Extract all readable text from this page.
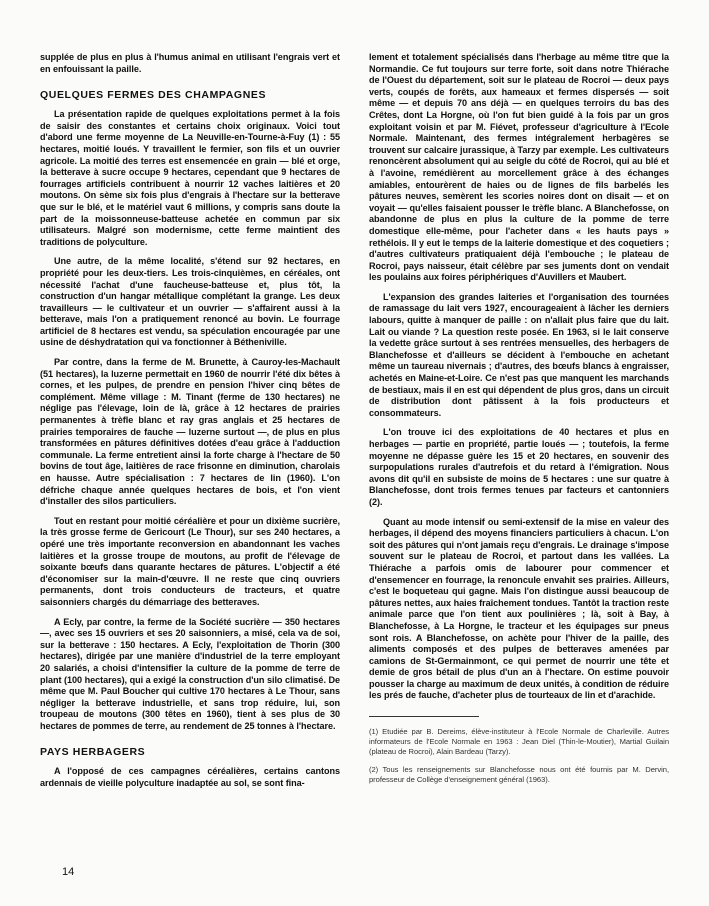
supplée de plus en plus à l'humus animal en utilisant l'engrais vert et en enfouissant la paille.

QUELQUES FERMES DES CHAMPAGNES

La présentation rapide de quelques exploitations permet à la fois de saisir des constantes et certains choix originaux. Voici tout d'abord une ferme moyenne de La Neuville-en-Tourne-à-Fuy (1) : 55 hectares, moitié loués. Y travaillent le fermier, son fils et un ouvrier agricole. La moitié des terres est ensemencée en grain — blé et orge, la betterave à sucre occupe 9 hectares, cependant que 9 hectares de fourrages artificiels contribuent à nourrir 12 vaches laitières et 20 moutons. On sème six fois plus d'engrais à l'hectare sur la betterave que sur le blé, et le matériel vaut 6 millions, y compris sans doute la part de la moissonneuse-batteuse achetée en commun par six utilisateurs. Malgré son modernisme, cette ferme maintient des traditions de polyculture.

Une autre, de la même localité, s'étend sur 92 hectares, en propriété pour les deux-tiers. Les trois-cinquièmes, en céréales, ont nécessité l'achat d'une faucheuse-batteuse et, plus tôt, la construction d'un hangar métallique complétant la grange. Les deux travailleurs — le cultivateur et un ouvrier — s'affairent aussi à la betterave, mais l'on a pratiquement renoncé au bovin. Le fourrage artificiel de 8 hectares est vendu, sa spéculation encouragée par une usine de déshydratation qui va fonctionner à Bétheniville.

Par contre, dans la ferme de M. Brunette, à Cauroy-les-Machault (51 hectares), la luzerne permettait en 1960 de nourrir l'été dix bêtes à cornes, et les pulpes, de prendre en pension l'hiver cinq bêtes de complément. Même village : M. Tinant (ferme de 130 hectares) ne néglige pas l'élevage, loin de là, grâce à 12 hectares de prairies permanentes à trèfle blanc et ray gras anglais et 25 hectares de prairies temporaires de fauche — luzerne surtout —, de plus en plus transformées en pâtures définitives dotées d'eau grâce à l'adduction communale. La ferme entretient ainsi la forte charge à l'hectare de 50 bovins de tout âge, laitières de race frisonne en diminution, charolais en hausse. Autre spécialisation : 7 hectares de lin (1960). L'on défriche chaque année quelques hectares de bois, et l'on vient d'installer des silos particuliers.

Tout en restant pour moitié céréalière et pour un dixième sucrière, la très grosse ferme de Gericourt (Le Thour), sur ses 240 hectares, a opéré une très importante reconversion en abandonnant les vaches laitières et la grosse troupe de moutons, au profit de l'élevage de soixante bœufs dans quarante hectares de pâtures. L'objectif a été d'économiser sur la main-d'œuvre. Il ne reste que cinq ouvriers permanents, dont trois conducteurs de tracteurs, et quatre saisonniers chargés du démarriage des betteraves.

A Ecly, par contre, la ferme de la Société sucrière — 350 hectares —, avec ses 15 ouvriers et ses 20 saisonniers, a misé, cela va de soi, sur la betterave : 150 hectares. A Ecly, l'exploitation de Thorin (300 hectares), dirigée par une manière d'industriel de la terre employant 20 salariés, a choisi d'intensifier la culture de la pomme de terre de plant (100 hectares), qui a exigé la construction d'un silo climatisé. De même que M. Paul Boucher qui cultive 170 hectares à Le Thour, sans négliger la betterave industrielle, et sans trop réduire, lui, son troupeau de moutons (300 têtes en 1960), tient à ses plus de 30 hectares de pommes de terre, au rendement de 25 tonnes à l'hectare.

PAYS HERBAGERS

A l'opposé de ces campagnes céréalières, certains cantons ardennais de vieille polyculture inadaptée au sol, se sont fina-

lement et totalement spécialisés dans l'herbage au même titre que la Normandie. Ce fut toujours sur terre forte, soit dans notre Thiérache de l'Ouest du département, soit sur le plateau de Rocroi — deux pays verts, coupés de forêts, aux hameaux et fermes dispersés — soit même — et depuis 70 ans déjà — en quelques terroirs du bas des Crêtes, dont La Horgne, où l'on fut bien guidé à la fois par un gros exploitant voisin et par M. Fiévet, professeur d'agriculture à l'Ecole Normale. Maintenant, des fermes intégralement herbagères se trouvent sur calcaire jurassique, à Tarzy par exemple. Les cultivateurs renoncèrent absolument qui au seigle du côté de Rocroi, qui au blé et à l'avoine, remédièrent au morcellement grâce à des échanges amiables, entourèrent de haies ou de lignes de fils barbelés les pâtures neuves, semèrent les scories noires dont on disait — et on voyait — qu'elles faisaient pousser le trèfle blanc. A Blanchefosse, on abandonne de plus en plus la culture de la pomme de terre domestique elle-même, pour l'acheter dans « les hauts pays » rethélois. Il y eut le temps de la laiterie domestique et des coquetiers ; d'autres cultivateurs pratiquaient déjà l'embouche ; le plateau de Rocroi, pays naisseur, était célèbre par ses juments dont on vendait les poulains aux foires périphériques d'Auvillers et Maubert.

L'expansion des grandes laiteries et l'organisation des tournées de ramassage du lait vers 1927, encourageaient à lâcher les derniers labours, quitte à manquer de paille : on n'allait plus faire que du lait. Lait ou viande ? La question reste posée. En 1963, si le lait conserve la vedette grâce surtout à ses rentrées mensuelles, des herbagers de Blanchefosse et d'ailleurs se décident à l'embouche en achetant même un taureau nivernais ; d'autres, des bœufs blancs à engraisser, achetés en Maine-et-Loire. Ce n'est pas que manquent les marchands de bestiaux, mais il en est qui dépendent de plus gros, dans un circuit de distribution dont pâtissent à la fois producteurs et consommateurs.

L'on trouve ici des exploitations de 40 hectares et plus en herbages — partie en propriété, partie loués — ; toutefois, la ferme moyenne ne dépasse guère les 15 et 20 hectares, en souvenir des surpopulations rurales d'autrefois et du retard à l'émigration. Nous avons dit qu'il en subsiste de moins de 5 hectares : une sur quatre à Blanchefosse, dont trois fermes tenues par facteurs et cantonniers (2).

Quant au mode intensif ou semi-extensif de la mise en valeur des herbages, il dépend des moyens financiers particuliers à chacun. L'on soit des pâtures qui n'ont jamais reçu d'engrais. Le drainage s'impose souvent sur le plateau de Rocroi, et partout dans les vallées. La Thiérache a parfois omis de labourer pour commencer et d'ensemencer en fourrage, la renoncule envahit ses prairies. Ailleurs, c'est le boqueteau qui gagne. Mais l'on distingue aussi beaucoup de pâtures nettes, aux haies fraîchement tondues. Tantôt la traction reste animale parce que l'on tient aux poulinières ; là, soit à Bay, à Blanchefosse, à La Horgne, le tracteur et les équipages sur pneus sont rois. A Blanchefosse, on achète pour l'hiver de la paille, des aliments composés et des pulpes de betteraves amenées par camions de St-Germainmont, ce qui permet de nourrir une tête et demie de gros bétail de plus d'un an à l'hectare. On estime pouvoir pousser la charge au maximum de deux unités, à condition de réduire les prés de fauche, d'acheter plus de tourteaux de lin et d'arachide.

(1) Etudiée par B. Dereims, élève-instituteur à l'Ecole Normale de Charleville. Autres informateurs de l'Ecole Normale en 1963 : Jean Diel (Thin-le-Moutier), Martial Guilain (plateau de Rocroi), Alain Bardeau (Tarzy).

(2) Tous les renseignements sur Blanchefosse nous ont été fournis par M. Dervin, professeur de Collège d'enseignement général (1963).

14
